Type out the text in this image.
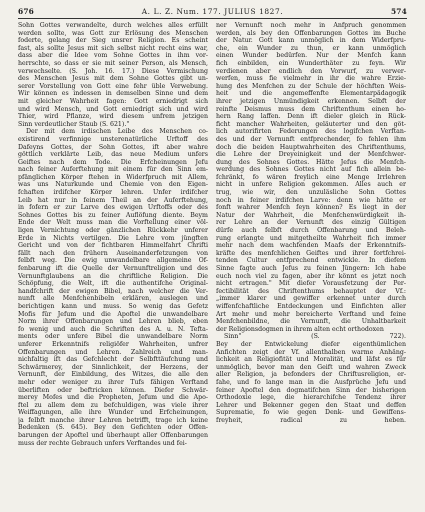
676	A. L. Z. Num. 177. JULIUS 1827.	574
Sohn Gottes verwandelte, durch welches alles erfüllt
werden sollte, was Gott zur Erlösung des Menschen
foderte, gelang der Sieg unsrer Religion. Es scheint
fast, als sollte Jesus mit sich selbst nicht recht eins war,
dass aber die Idee vom Sohne Gottes in ihm vor-
herrschte, so dass er sie mit seiner Person, als Mensch,
verwechselte. (S. Joh. 16. 17.) Diese Vermischung
des Menschen Jesus mit dem Sohne Gottes gibt un-
serer Vorstellung von Gott eine fehr üble Verwebung.
Wir können es indessen in demselben Sinne und dem
mit gleicher Wahrheit fagen: Gott erniedrigt sich
und wird Mensch, und Gott erniedrigt sich und wird
Thier, wird Pflanze, wird diesem unfrem jetzigen
Sinn verdeutlicher Staub (S. 621)."
Der mit dem irdischen Leibe des Menschen co-
existirend verfinnige unsterenatürliche Urftoff des
Dafeyns Gottes, der Sohn Gottes, ift aber wahre
göttlich verklärte Leib, das neue Medium unfers
Geiftes nach dem Tode. Die Erfcheinungen Jefu
nach feiner Auferftehung mit einem für den Sinn em-
pfänglichen Körper ftehen in Widerfpruch mit Allem,
was uns Naturkunde und Chemie von den Eigen-
fchaften irdifcher Körper lehren. Unfer irdifcher
Leib hat nur in feinem Theil an der Auferftehung,
in fofern er zur Larve des ewigen Urftoffs oder des
Sohnes Gottes bis zu feiner Auflöfung diente. Beym
Ende der Welt muss man die Vorftellung einer völ-
ligen Vernichtung oder gänzlichen Rückkehr unferer
Erde in Nichts vertilgen. Die Lehre vom jüngften
Gericht und von der fichtbaren Himmelfahrt Chrifti
fällt nach den frühern Auseinanderfetzungen von
felbft weg. Die ewig unwandelbare allgemeine Of-
fenbarung ift die Quelle der Vernunftreligion und des
Vernunftglaubens an die chriftliche Religion. Die
Schöpfung, die Welt, ift die authentifche Original-
handfchrift der ewigen Bibel, nach welcher die Ver-
nunft alle Menfchenbibeln erklären, auslegen und
berichtigen kann und muss. So wenig das Gefetz
Mofis für Jefum und die Apoftel die unwandelbare
Norm ihrer Offenbarungen und Lehren blieb, eben
fo wenig und auch die Schriften des A. u. N. Tefta-
ments oder unfere Bibel die unwandelbare Norm
unferer Erkenntnifs religiöfer Wahrheiten, unfrer
Offenbarungen und Lehren. Zahlreich und man-
nichfaltig ift das Gefchlecht der Selbfttäufchung und
Schwärmerey, der Sinnlichkeit, der Herzens, der
Vernunft, der Einbildung, des Witzes, die alle den
mehr oder weniger zu ihrer Tufs fähigen Verftand
überliften oder beftricken können. Diefer Schwär-
merey Mofes und die Propheten, Jefum und die Apo-
ftel zu allem dem zu befchuldigen, was viele ihrer
Weiffagungen, alle ihre Wunder und Erfcheinungen,
ja felbft manche ihrer Lehren betrifft, trage ich keine
Bedenken (S. 645). Bey den Gefichten oder Offen-
barungen der Apoftel und überhaupt aller Offenbarungen
muss der rechte Gebrauch unfers Verftandes und fei-
ner Vernunft noch mehr in Anfpruch genommen
werden, als bey den Offenbarungen Gottes im Buche
der Natur. Gott kann unmöglich in dem Widerfpru-
che, ein Wunder zu thun, er kann unmöglich
einen Wunder bedürfen. Nur der Menfch kann
fich einbilden, ein Wunderthäter zu feyn. Wir
verdienen aber endlich den Vorwurf, zu verwer-
werfen, muss fie vielmehr in ihr die wahre Erzie-
hung des Menfchen zu der Schule der höchften Weis-
heit und die angemeffenfte Elementarpädagogik
ihrer jetzigen Unmündigkeit erkennen. Selbft der
reinfte Deismus muss dem Chriftenthum einen ho-
hern Rang laffen. Denn ift dieler gleich in Rück-
ficht mancher Wahrheiten, geläuterter und den göt-
lich autorifirten Federungen des logifchen Verftan-
des und der Vernunft entfprechender, fo fehlen ihm
doch die beiden Hauptwahrheiten des Chriftenthums,
die Lehre der Dreyeinigkeit und der Menfchwer-
dung des Sohnes Gottes. Hätte Jefus die Menfch-
werdung des Sohnes Gottes nicht auf fich allein be-
fchränkt, fo wären freylich eine Menge Irrlehren
nicht in unfere Religion gekommen. Alles auch er
trug, wie wir, den unzuläsliche Sohn Gottes
noch in feiner irdifchen Larve: denn wie hätte er
fonft wahrer Menfch feyn können? Es liegt in der
Natur der Wahrheit, die Menfchenwürdigkeit ih-
rer Lehre an der Vernunft des einzig Gültigen
dürfe auch felbft durch Offenbarung und Beleh-
rung erlangte und mitgetheilte Wahrheit fich immer
mehr nach dem wachfenden Maafs der Erkenntnifs-
kräfte des menfchlichen Geiftes und ihrer fortfchrei-
tenden Cultur entfprechend entwickle. In diefem
Sinne fagte auch Jefus zu feinen Jüngern: Ich habe
euch noch viel zu fagen, aber ihr könnt es jetzt noch
nicht ertragen." Mit diefer Vorausfetzung der Per-
fectibilität des Chriftenthums behauptet der Vf.:
„immer klarer und gewiffer erkennet unter durch
wiffenfchaftliche Entdeckungen und Einfichten aller
Art mehr und mehr bereicherte Verftand und feine
Menfchenbildne, die Vernunft, die Unhaltbarkeit
der Religionsdogmen in ihrem alten echt orthodoxen
Sinn" (S. 722).
Bey der Entwickelung diefer eigenthümlichen
Anfichten zeigt der Vf. allenthalben warme Anhäng-
lichkeit an Religiofität und Moralität, und läfst es für
unmöglich, bevor man den Geift und wahren Zweck
aller Religion, ja befonders der Chriftusreligion, er-
fahe, und fo lange man in die Ausfprüche Jefu und
feiner Apoftel den dogmatifchen Sinn der bisherigen
Orthodoxie lege, die hierarchifche Tendenz ihrer
Lehrer und Bekenner gegen den Staat und deffen
Suprematie, fo wie gegen Denk- und Gewiffens-
freyheit, radical zu heben.
